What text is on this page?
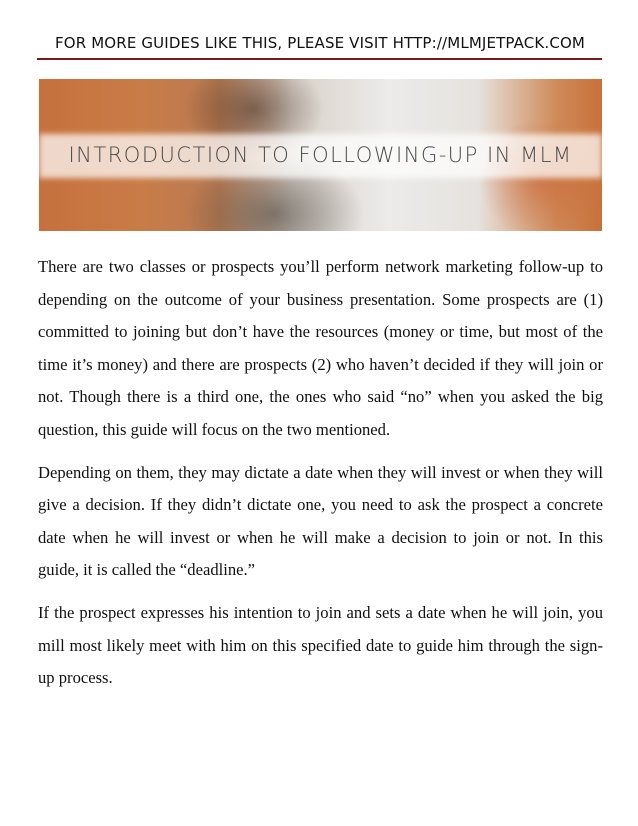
FOR MORE GUIDES LIKE THIS, PLEASE VISIT HTTP://MLMJETPACK.COM
INTRODUCTION TO FOLLOWING-UP IN MLM

There are two classes or prospects you’ll perform network marketing follow-up to depending on the outcome of your business presentation. Some prospects are (1) committed to joining but don’t have the resources (money or time, but most of the time it’s money) and there are prospects (2) who haven’t decided if they will join or not. Though there is a third one, the ones who said “no” when you asked the big question, this guide will focus on the two mentioned.

Depending on them, they may dictate a date when they will invest or when they will give a decision. If they didn’t dictate one, you need to ask the prospect a concrete date when he will invest or when he will make a decision to join or not. In this guide, it is called the “deadline.”

If the prospect expresses his intention to join and sets a date when he will join, you mill most likely meet with him on this specified date to guide him through the sign-up process.
